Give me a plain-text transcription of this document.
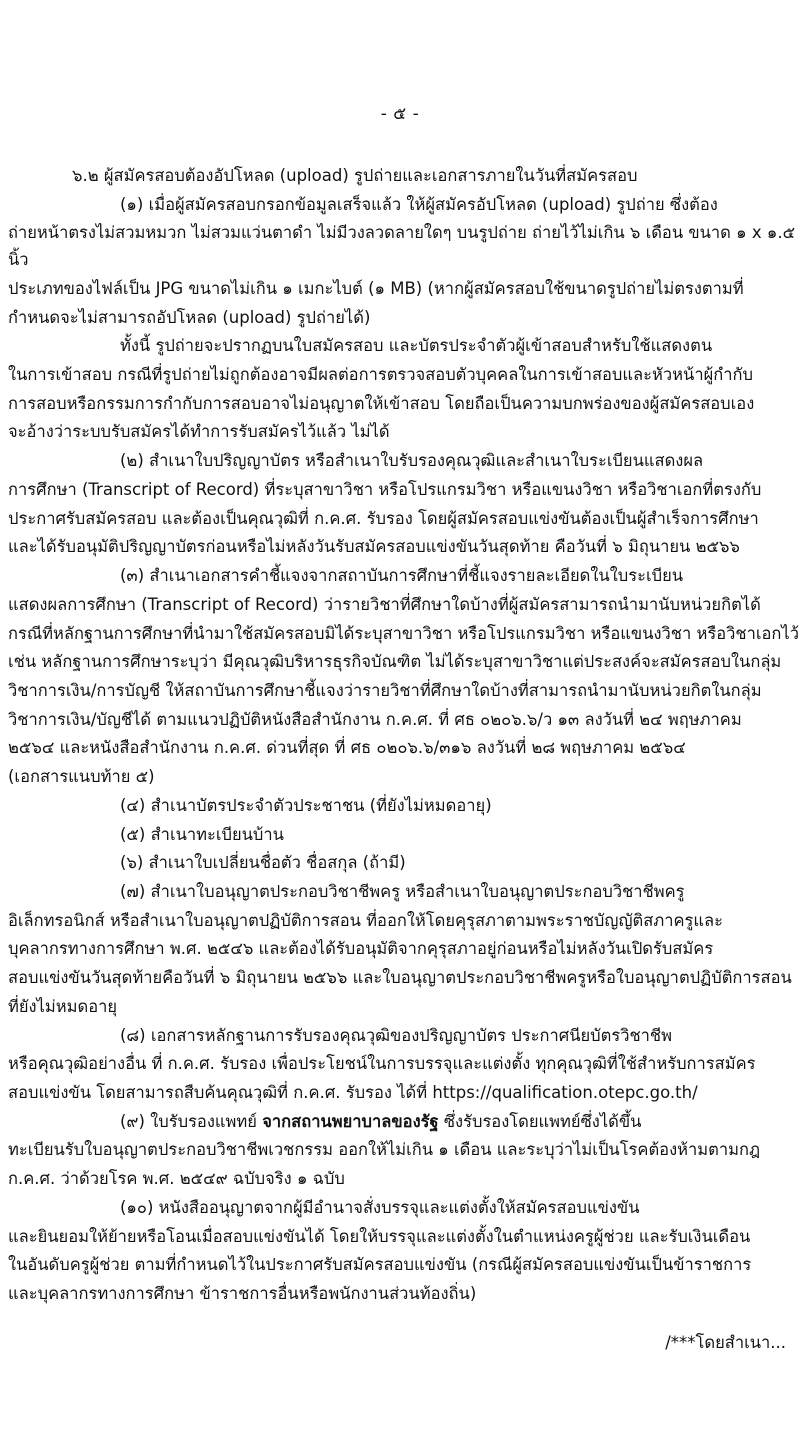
- ๕ -

๖.๒ ผู้สมัครสอบต้องอัปโหลด (upload) รูปถ่ายและเอกสารภายในวันที่สมัครสอบ

(๑) เมื่อผู้สมัครสอบกรอกข้อมูลเสร็จแล้ว ให้ผู้สมัครอัปโหลด (upload) รูปถ่าย ซึ่งต้อง

ถ่ายหน้าตรงไม่สวมหมวก ไม่สวมแว่นตาดำ ไม่มีวงลวดลายใดๆ บนรูปถ่าย ถ่ายไว้ไม่เกิน ๖ เดือน ขนาด ๑ x ๑.๕ นิ้ว

ประเภทของไฟล์เป็น JPG ขนาดไม่เกิน ๑ เมกะไบต์ (๑ MB) (หากผู้สมัครสอบใช้ขนาดรูปถ่ายไม่ตรงตามที่

กำหนดจะไม่สามารถอัปโหลด (upload) รูปถ่ายได้)

ทั้งนี้ รูปถ่ายจะปรากฏบนใบสมัครสอบ และบัตรประจำตัวผู้เข้าสอบสำหรับใช้แสดงตน

ในการเข้าสอบ กรณีที่รูปถ่ายไม่ถูกต้องอาจมีผลต่อการตรวจสอบตัวบุคคลในการเข้าสอบและหัวหน้าผู้กำกับ

การสอบหรือกรรมการกำกับการสอบอาจไม่อนุญาตให้เข้าสอบ โดยถือเป็นความบกพร่องของผู้สมัครสอบเอง

จะอ้างว่าระบบรับสมัครได้ทำการรับสมัครไว้แล้ว ไม่ได้

(๒) สำเนาใบปริญญาบัตร หรือสำเนาใบรับรองคุณวุฒิและสำเนาใบระเบียนแสดงผล

การศึกษา (Transcript of Record) ที่ระบุสาขาวิชา หรือโปรแกรมวิชา หรือแขนงวิชา หรือวิชาเอกที่ตรงกับ

ประกาศรับสมัครสอบ และต้องเป็นคุณวุฒิที่ ก.ค.ศ. รับรอง โดยผู้สมัครสอบแข่งขันต้องเป็นผู้สำเร็จการศึกษา

และได้รับอนุมัติปริญญาบัตรก่อนหรือไม่หลังวันรับสมัครสอบแข่งขันวันสุดท้าย คือวันที่ ๖ มิถุนายน ๒๕๖๖

(๓) สำเนาเอกสารคำชี้แจงจากสถาบันการศึกษาที่ชี้แจงรายละเอียดในใบระเบียน

แสดงผลการศึกษา (Transcript of Record) ว่ารายวิชาที่ศึกษาใดบ้างที่ผู้สมัครสามารถนำมานับหน่วยกิตได้

กรณีที่หลักฐานการศึกษาที่นำมาใช้สมัครสอบมิได้ระบุสาขาวิชา หรือโปรแกรมวิชา หรือแขนงวิชา หรือวิชาเอกไว้

เช่น หลักฐานการศึกษาระบุว่า มีคุณวุฒิบริหารธุรกิจบัณฑิต ไม่ได้ระบุสาขาวิชาแต่ประสงค์จะสมัครสอบในกลุ่ม

วิชาการเงิน/การบัญชี ให้สถาบันการศึกษาชี้แจงว่ารายวิชาที่ศึกษาใดบ้างที่สามารถนำมานับหน่วยกิตในกลุ่ม

วิชาการเงิน/บัญชีได้ ตามแนวปฏิบัติหนังสือสำนักงาน ก.ค.ศ. ที่ ศธ ๐๒๐๖.๖/ว ๑๓ ลงวันที่ ๒๔ พฤษภาคม

๒๕๖๔ และหนังสือสำนักงาน ก.ค.ศ. ด่วนที่สุด ที่ ศธ ๐๒๐๖.๖/๓๑๖ ลงวันที่ ๒๘ พฤษภาคม ๒๕๖๔

(เอกสารแนบท้าย ๕)

(๔) สำเนาบัตรประจำตัวประชาชน (ที่ยังไม่หมดอายุ)

(๕) สำเนาทะเบียนบ้าน

(๖) สำเนาใบเปลี่ยนชื่อตัว ชื่อสกุล (ถ้ามี)

(๗) สำเนาใบอนุญาตประกอบวิชาชีพครู หรือสำเนาใบอนุญาตประกอบวิชาชีพครู

อิเล็กทรอนิกส์ หรือสำเนาใบอนุญาตปฏิบัติการสอน ที่ออกให้โดยคุรุสภาตามพระราชบัญญัติสภาครูและ

บุคลากรทางการศึกษา พ.ศ. ๒๕๔๖ และต้องได้รับอนุมัติจากคุรุสภาอยู่ก่อนหรือไม่หลังวันเปิดรับสมัคร

สอบแข่งขันวันสุดท้ายคือวันที่ ๖ มิถุนายน ๒๕๖๖ และใบอนุญาตประกอบวิชาชีพครูหรือใบอนุญาตปฏิบัติการสอน

ที่ยังไม่หมดอายุ

(๘) เอกสารหลักฐานการรับรองคุณวุฒิของปริญญาบัตร ประกาศนียบัตรวิชาชีพ

หรือคุณวุฒิอย่างอื่น ที่ ก.ค.ศ. รับรอง เพื่อประโยชน์ในการบรรจุและแต่งตั้ง ทุกคุณวุฒิที่ใช้สำหรับการสมัคร

สอบแข่งขัน โดยสามารถสืบค้นคุณวุฒิที่ ก.ค.ศ. รับรอง ได้ที่ https://qualification.otepc.go.th/

(๙) ใบรับรองแพทย์ จากสถานพยาบาลของรัฐ ซึ่งรับรองโดยแพทย์ซึ่งได้ขึ้น

ทะเบียนรับใบอนุญาตประกอบวิชาชีพเวชกรรม ออกให้ไม่เกิน ๑ เดือน และระบุว่าไม่เป็นโรคต้องห้ามตามกฎ

ก.ค.ศ. ว่าด้วยโรค พ.ศ. ๒๕๔๙ ฉบับจริง ๑ ฉบับ

(๑๐) หนังสืออนุญาตจากผู้มีอำนาจสั่งบรรจุและแต่งตั้งให้สมัครสอบแข่งขัน

และยินยอมให้ย้ายหรือโอนเมื่อสอบแข่งขันได้ โดยให้บรรจุและแต่งตั้งในตำแหน่งครูผู้ช่วย และรับเงินเดือน

ในอันดับครูผู้ช่วย ตามที่กำหนดไว้ในประกาศรับสมัครสอบแข่งขัน (กรณีผู้สมัครสอบแข่งขันเป็นข้าราชการ

และบุคลากรทางการศึกษา ข้าราชการอื่นหรือพนักงานส่วนท้องถิ่น)

/***โดยสำเนา...
